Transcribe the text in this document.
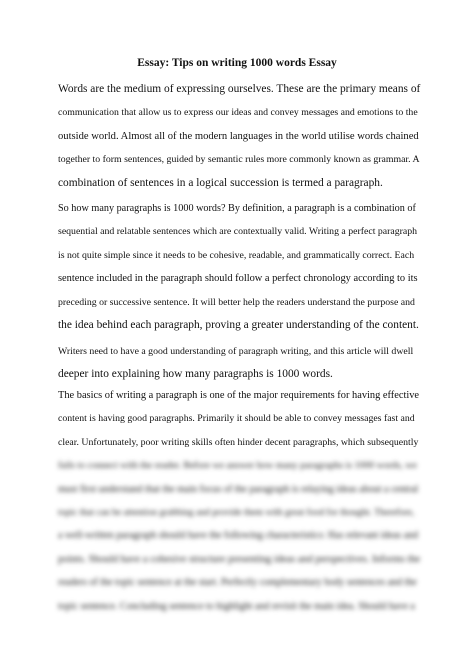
Essay: Tips on writing 1000 words Essay

Words are the medium of expressing ourselves. These are the primary means of
communication that allow us to express our ideas and convey messages and emotions to the
outside world. Almost all of the modern languages in the world utilise words chained
together to form sentences, guided by semantic rules more commonly known as grammar. A
combination of sentences in a logical succession is termed a paragraph.

So how many paragraphs is 1000 words? By definition, a paragraph is a combination of
sequential and relatable sentences which are contextually valid. Writing a perfect paragraph
is not quite simple since it needs to be cohesive, readable, and grammatically correct. Each
sentence included in the paragraph should follow a perfect chronology according to its
preceding or successive sentence. It will better help the readers understand the purpose and
the idea behind each paragraph, proving a greater understanding of the content.

Writers need to have a good understanding of paragraph writing, and this article will dwell
deeper into explaining how many paragraphs is 1000 words.

The basics of writing a paragraph is one of the major requirements for having effective
content is having good paragraphs. Primarily it should be able to convey messages fast and
clear. Unfortunately, poor writing skills often hinder decent paragraphs, which subsequently
fails to connect with the reader. Before we answer how many paragraphs is 1000 words, we
must first understand that the main focus of the paragraph is relaying ideas about a central
topic that can be attention grabbing and provide them with great food for thought. Therefore,
a well-written paragraph should have the following characteristics: Has relevant ideas and
points. Should have a cohesive structure presenting ideas and perspectives. Informs the
readers of the topic sentence at the start. Perfectly complementary body sentences and the
topic sentence. Concluding sentence to highlight and revisit the main idea. Should have a
